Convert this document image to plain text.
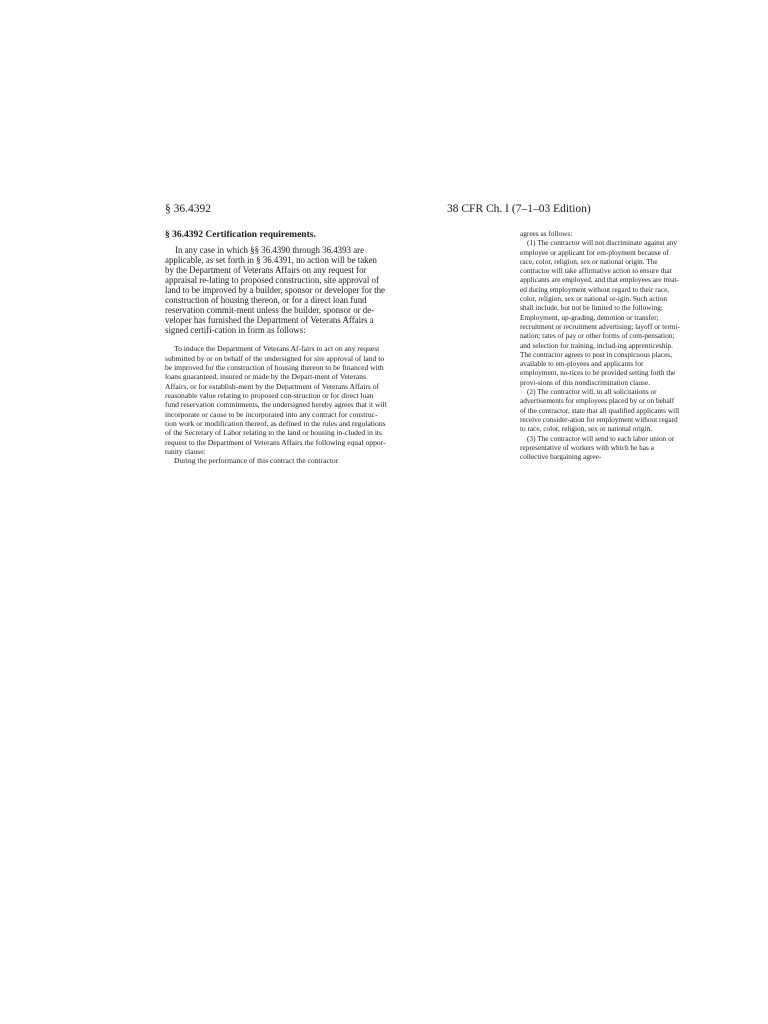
§ 36.4392	38 CFR Ch. I (7–1–03 Edition)

§ 36.4392 Certification requirements.

In any case in which §§ 36.4390 through 36.4393 are applicable, as set forth in § 36.4391, no action will be taken by the Department of Veterans Affairs on any request for appraisal re-lating to proposed construction, site approval of land to be improved by a builder, sponsor or developer for the construction of housing thereon, or for a direct loan fund reservation commit-ment unless the builder, sponsor or de-veloper has furnished the Department of Veterans Affairs a signed certifi-cation in form as follows:

To induce the Department of Veterans Af-fairs to act on any request submitted by or on behalf of the undersigned for site approval of land to be improved for the construction of housing thereon to be financed with loans guaranteed, insured or made by the Depart-ment of Veterans Affairs, or for establish-ment by the Department of Veterans Affairs of reasonable value relating to proposed con-struction or for direct loan fund reservation commitments, the undersigned hereby agrees that it will incorporate or cause to be incorporated into any contract for construc-tion work or modification thereof, as defined in the rules and regulations of the Secretary of Labor relating to the land or housing in-cluded in its request to the Department of Veterans Affairs the following equal oppor-tunity clause:

During the performance of this contract the contractor

agrees as follows:

(1) The contractor will not discriminate against any employee or applicant for em-ployment because of race, color, religion, sex or national origin. The contractor will take affirmative action to ensure that applicants are employed, and that employees are treat-ed during employment without regard to their race, color, religion, sex or national or-igin. Such action shall include, but not be limited to the following: Employment, up-grading, demotion or transfer; recruitment or recruitment advertising; layoff or termi-nation; rates of pay or other forms of com-pensation; and selection for training, includ-ing apprenticeship. The contractor agrees to post in conspicuous places, available to em-ployees and applicants for employment, no-tices to be provided setting forth the provi-sions of this nondiscrimination clause.

(2) The contractor will, in all solicitations or advertisements for employees placed by or on behalf of the contractor, state that all qualified applicants will receive consider-ation for employment without regard to race, color, religion, sex or national origin.

(3) The contractor will send to each labor union or representative of workers with which he has a collective bargaining agree-
